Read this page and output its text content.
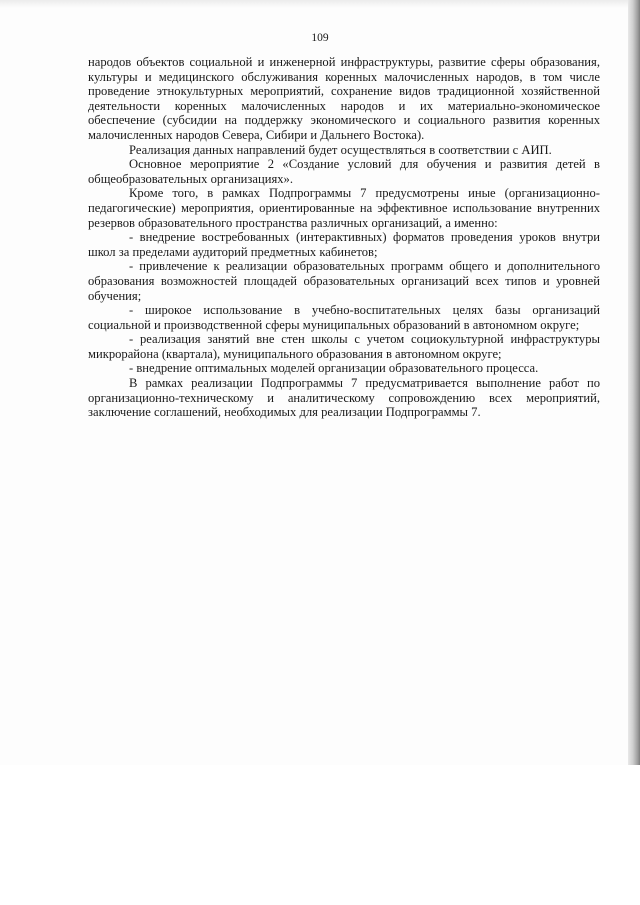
109

народов объектов социальной и инженерной инфраструктуры, развитие сферы образования, культуры и медицинского обслуживания коренных малочисленных народов, в том числе проведение этнокультурных мероприятий, сохранение видов традиционной хозяйственной деятельности коренных малочисленных народов и их материально-экономическое обеспечение (субсидии на поддержку экономического и социального развития коренных малочисленных народов Севера, Сибири и Дальнего Востока).

Реализация данных направлений будет осуществляться в соответствии с АИП.

Основное мероприятие 2 «Создание условий для обучения и развития детей в общеобразовательных организациях».

Кроме того, в рамках Подпрограммы 7 предусмотрены иные (организационно-педагогические) мероприятия, ориентированные на эффективное использование внутренних резервов образовательного пространства различных организаций, а именно:

- внедрение востребованных (интерактивных) форматов проведения уроков внутри школ за пределами аудиторий предметных кабинетов;

- привлечение к реализации образовательных программ общего и дополнительного образования возможностей площадей образовательных организаций всех типов и уровней обучения;

- широкое использование в учебно-воспитательных целях базы организаций социальной и производственной сферы муниципальных образований в автономном округе;

- реализация занятий вне стен школы с учетом социокультурной инфраструктуры микрорайона (квартала), муниципального образования в автономном округе;

- внедрение оптимальных моделей организации образовательного процесса.

В рамках реализации Подпрограммы 7 предусматривается выполнение работ по организационно-техническому и аналитическому сопровождению всех мероприятий, заключение соглашений, необходимых для реализации Подпрограммы 7.
